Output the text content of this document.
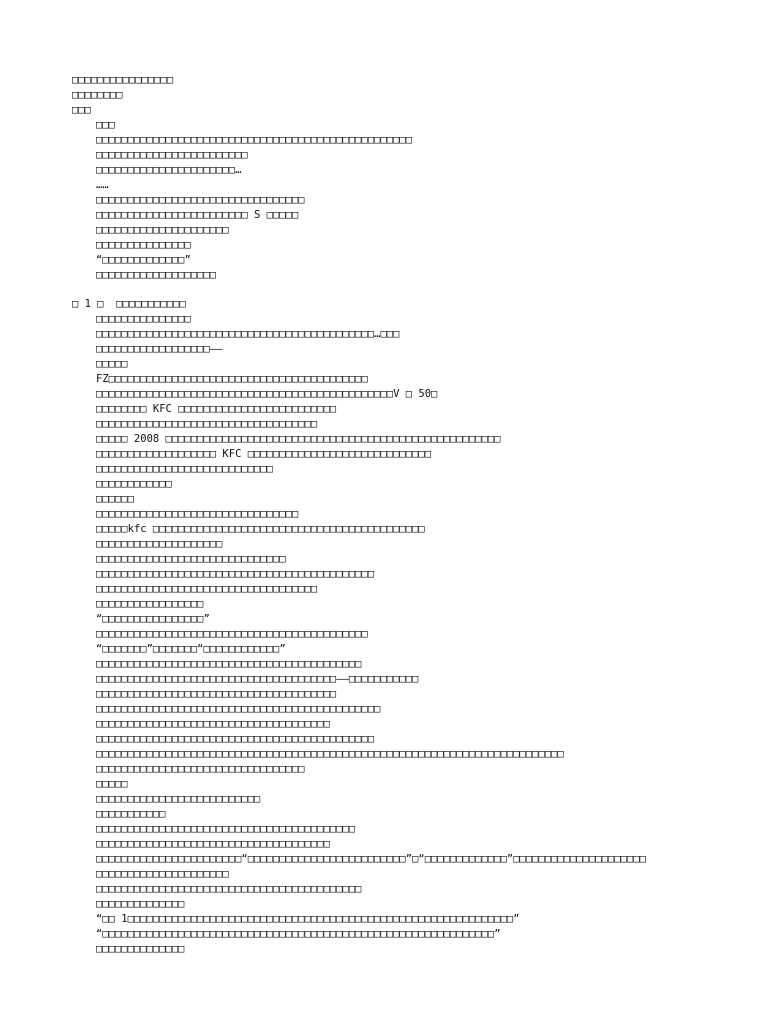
□□□□□□□□□□□□□□□□
□□□□□□□□
□□□
□□□
□□□□□□□□□□□□□□□□□□□□□□□□□□□□□□□□□□□□□□□□□□□□□□□□□□
□□□□□□□□□□□□□□□□□□□□□□□□
□□□□□□□□□□□□□□□□□□□□□□…
……
□□□□□□□□□□□□□□□□□□□□□□□□□□□□□□□□□
□□□□□□□□□□□□□□□□□□□□□□□□ S □□□□□
□□□□□□□□□□□□□□□□□□□□□
□□□□□□□□□□□□□□□
“□□□□□□□□□□□□□”
□□□□□□□□□□□□□□□□□□□
□ 1 □  □□□□□□□□□□□
□□□□□□□□□□□□□□□
□□□□□□□□□□□□□□□□□□□□□□□□□□□□□□□□□□□□□□□□□□□□…□□□
□□□□□□□□□□□□□□□□□□——
□□□□□
FZ□□□□□□□□□□□□□□□□□□□□□□□□□□□□□□□□□□□□□□□□□
□□□□□□□□□□□□□□□□□□□□□□□□□□□□□□□□□□□□□□□□□□□□□□□V □ 50□
□□□□□□□□ KFC □□□□□□□□□□□□□□□□□□□□□□□□□
□□□□□□□□□□□□□□□□□□□□□□□□□□□□□□□□□□□
□□□□□ 2008 □□□□□□□□□□□□□□□□□□□□□□□□□□□□□□□□□□□□□□□□□□□□□□□□□□□□□
□□□□□□□□□□□□□□□□□□□ KFC □□□□□□□□□□□□□□□□□□□□□□□□□□□□□
□□□□□□□□□□□□□□□□□□□□□□□□□□□□
□□□□□□□□□□□□
□□□□□□
□□□□□□□□□□□□□□□□□□□□□□□□□□□□□□□□
□□□□□kfc □□□□□□□□□□□□□□□□□□□□□□□□□□□□□□□□□□□□□□□□□□□
□□□□□□□□□□□□□□□□□□□□
□□□□□□□□□□□□□□□□□□□□□□□□□□□□□□
□□□□□□□□□□□□□□□□□□□□□□□□□□□□□□□□□□□□□□□□□□□□
□□□□□□□□□□□□□□□□□□□□□□□□□□□□□□□□□□□
□□□□□□□□□□□□□□□□□
“□□□□□□□□□□□□□□□□”
□□□□□□□□□□□□□□□□□□□□□□□□□□□□□□□□□□□□□□□□□□□
“□□□□□□□”□□□□□□□“□□□□□□□□□□□□”
□□□□□□□□□□□□□□□□□□□□□□□□□□□□□□□□□□□□□□□□□□
□□□□□□□□□□□□□□□□□□□□□□□□□□□□□□□□□□□□□□——□□□□□□□□□□□
□□□□□□□□□□□□□□□□□□□□□□□□□□□□□□□□□□□□□□
□□□□□□□□□□□□□□□□□□□□□□□□□□□□□□□□□□□□□□□□□□□□□
□□□□□□□□□□□□□□□□□□□□□□□□□□□□□□□□□□□□□
□□□□□□□□□□□□□□□□□□□□□□□□□□□□□□□□□□□□□□□□□□□□
□□□□□□□□□□□□□□□□□□□□□□□□□□□□□□□□□□□□□□□□□□□□□□□□□□□□□□□□□□□□□□□□□□□□□□□□□□
□□□□□□□□□□□□□□□□□□□□□□□□□□□□□□□□□
□□□□□
□□□□□□□□□□□□□□□□□□□□□□□□□□
□□□□□□□□□□□
□□□□□□□□□□□□□□□□□□□□□□□□□□□□□□□□□□□□□□□□□
□□□□□□□□□□□□□□□□□□□□□□□□□□□□□□□□□□□□□
□□□□□□□□□□□□□□□□□□□□□□□“□□□□□□□□□□□□□□□□□□□□□□□□□”□“□□□□□□□□□□□□□”□□□□□□□□□□□□□□□□□□□□□
□□□□□□□□□□□□□□□□□□□□□
□□□□□□□□□□□□□□□□□□□□□□□□□□□□□□□□□□□□□□□□□□
□□□□□□□□□□□□□□
“□□ 1□□□□□□□□□□□□□□□□□□□□□□□□□□□□□□□□□□□□□□□□□□□□□□□□□□□□□□□□□□□□□”
“□□□□□□□□□□□□□□□□□□□□□□□□□□□□□□□□□□□□□□□□□□□□□□□□□□□□□□□□□□□□□□”
□□□□□□□□□□□□□□
